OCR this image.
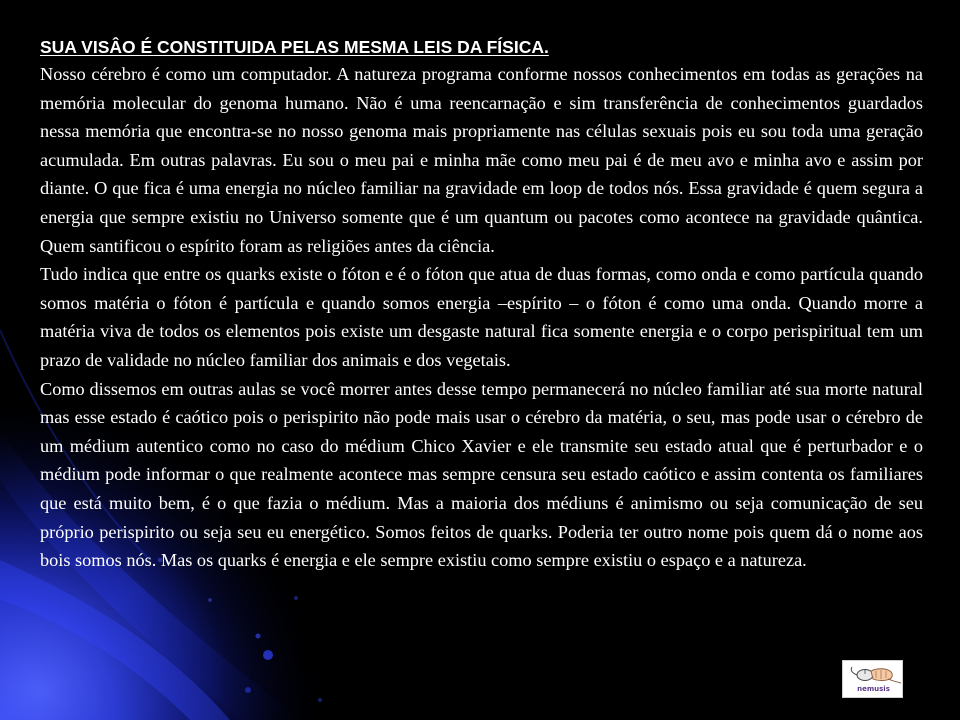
SUA VISÂO É CONSTITUIDA PELAS MESMA LEIS DA FÍSICA.

Nosso cérebro é como um computador. A natureza programa conforme nossos conhecimentos em todas as gerações na memória molecular do genoma humano. Não é uma reencarnação e sim transferência de conhecimentos guardados nessa memória que encontra-se no nosso genoma mais propriamente nas células sexuais pois eu sou toda uma geração acumulada. Em outras palavras. Eu sou o meu pai e minha mãe como meu pai é de meu avo e minha avo e assim por diante. O que fica é uma energia no núcleo familiar na gravidade em loop de todos nós. Essa gravidade é quem segura a energia que sempre existiu no Universo somente que é um quantum ou pacotes como acontece na gravidade quântica. Quem santificou o espírito foram as religiões antes da ciência.

Tudo indica que entre os quarks existe o fóton e é o fóton que atua de duas formas, como onda e como partícula quando somos matéria o fóton é partícula e quando somos energia –espírito – o fóton é como uma onda. Quando morre a matéria viva de todos os elementos pois existe um desgaste natural fica somente energia e o corpo perispiritual tem um prazo de validade no núcleo familiar dos animais e dos vegetais.

Como dissemos em outras aulas se você morrer antes desse tempo permanecerá no núcleo familiar até sua morte natural mas esse estado é caótico pois o perispirito não pode mais usar o cérebro da matéria, o seu, mas pode usar o cérebro de um médium autentico como no caso do médium Chico Xavier e ele transmite seu estado atual que é perturbador e o médium pode informar o que realmente acontece mas sempre censura seu estado caótico e assim contenta os familiares que está muito bem, é o que fazia o médium. Mas a maioria dos médiuns é animismo ou seja comunicação de seu próprio perispirito ou seja seu eu energético. Somos feitos de quarks. Poderia ter outro nome pois quem dá o nome aos bois somos nós. Mas os quarks é energia e ele sempre existiu como sempre existiu o espaço e a natureza.

nemusis
